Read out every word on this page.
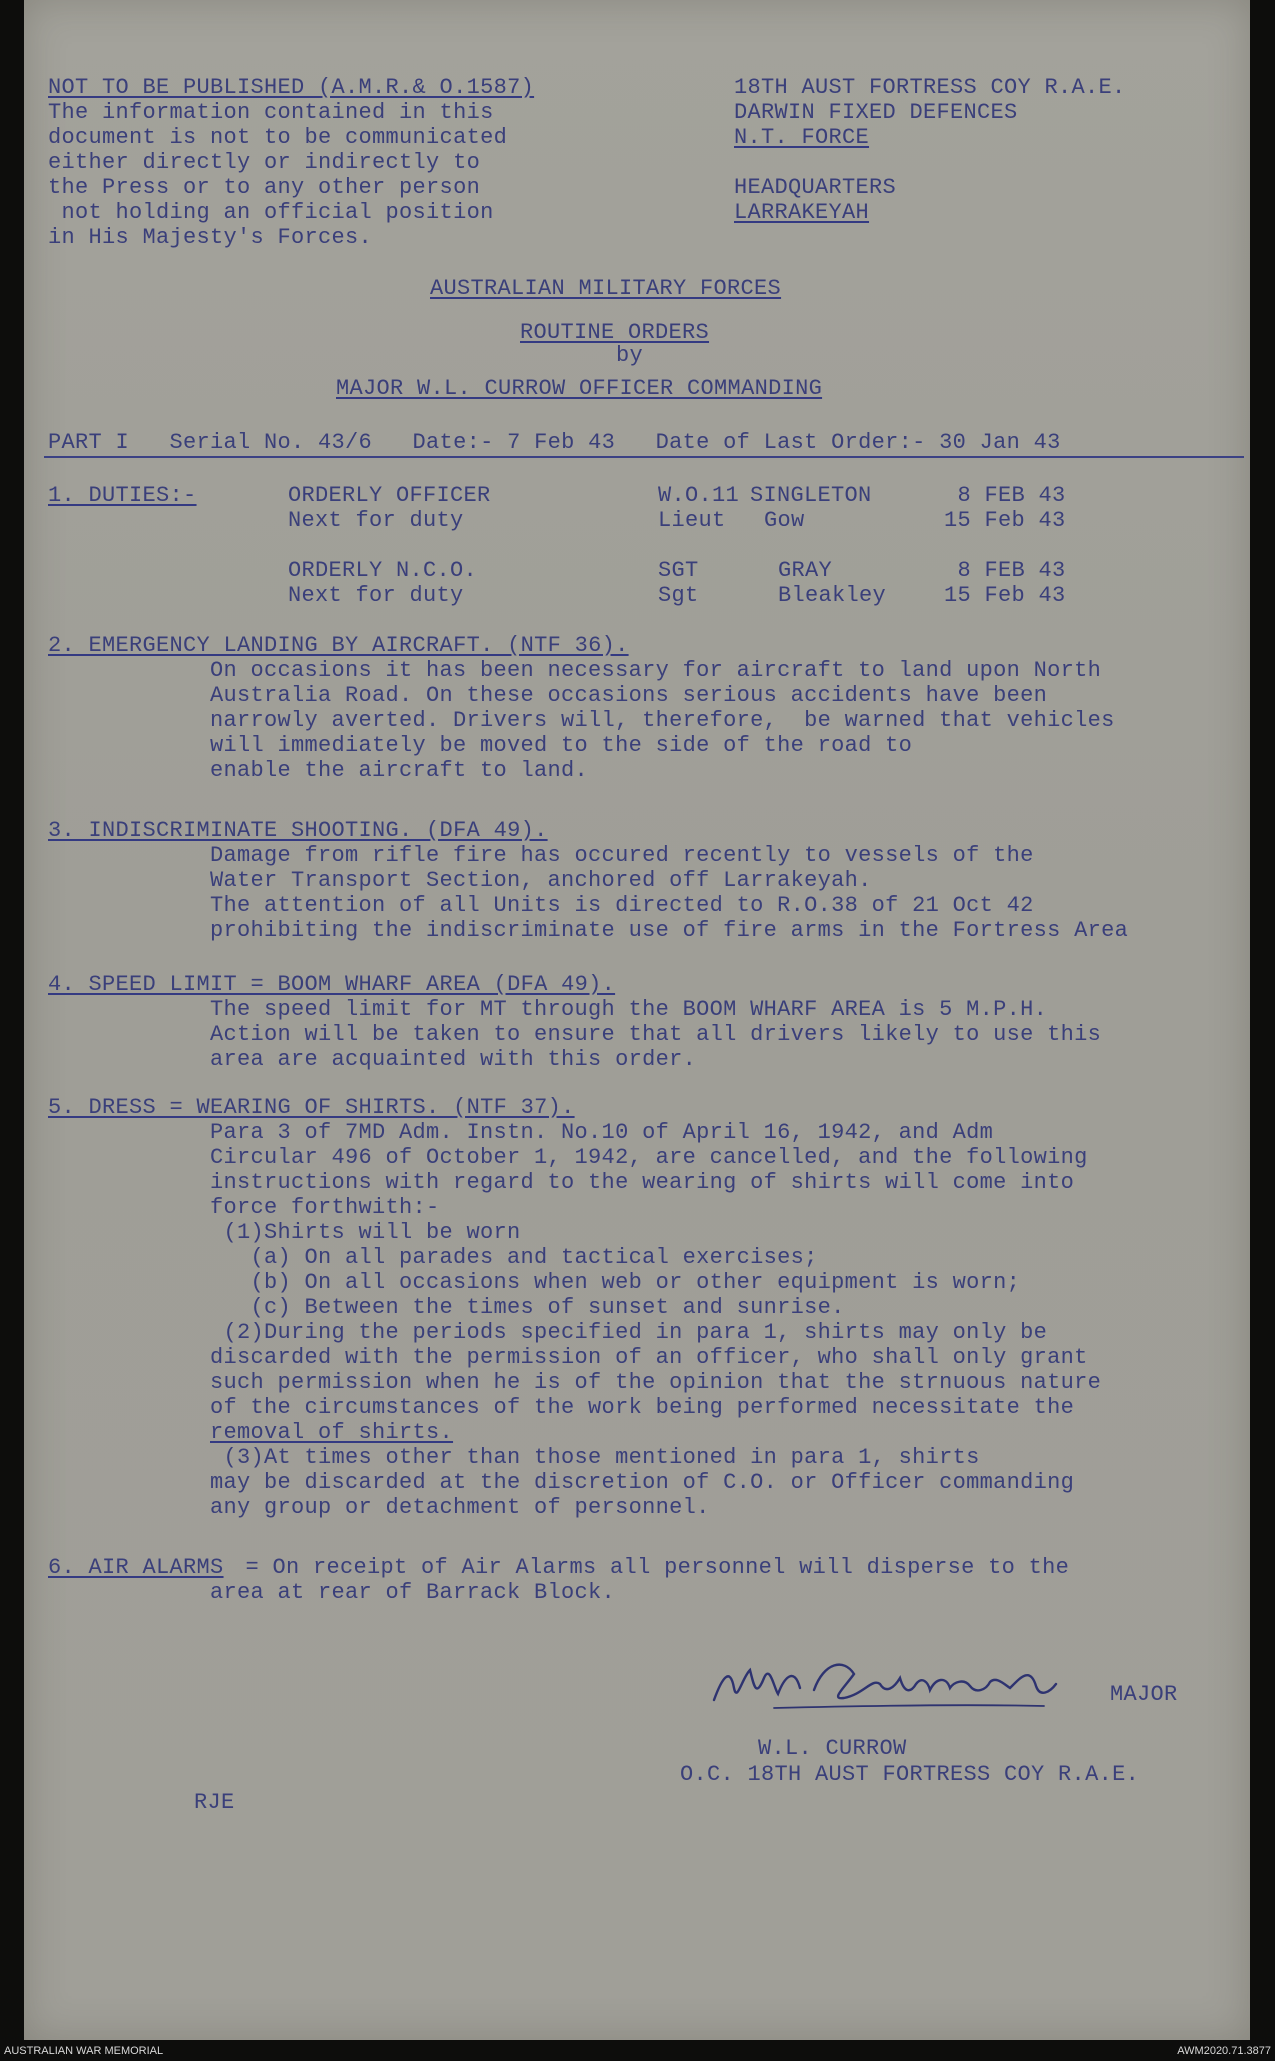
NOT TO BE PUBLISHED (A.M.R.& O.1587)
The information contained in this
document is not to be communicated
either directly or indirectly to
the Press or to any other person
not holding an official position
in His Majesty's Forces.
18TH AUST FORTRESS COY R.A.E.
DARWIN FIXED DEFENCES
N.T. FORCE
HEADQUARTERS
LARRAKEYAH
AUSTRALIAN MILITARY FORCES
ROUTINE ORDERS
by
MAJOR W.L. CURROW OFFICER COMMANDING
PART I   Serial No. 43/6   Date:- 7 Feb 43   Date of Last Order:- 30 Jan 43
1. DUTIES:-	ORDERLY OFFICER	W.O.11 SINGLETON	8 FEB 43
Next for duty	Lieut Gow	15 Feb 43
ORDERLY N.C.O.	SGT	GRAY	8 FEB 43
Next for duty	Sgt	Bleakley	15 Feb 43
2. EMERGENCY LANDING BY AIRCRAFT. (NTF 36).
On occasions it has been necessary for aircraft to land upon North
Australia Road. On these occasions serious accidents have been
narrowly averted. Drivers will, therefore,  be warned that vehicles
will immediately be moved to the side of the road to
enable the aircraft to land.
3. INDISCRIMINATE SHOOTING. (DFA 49).
Damage from rifle fire has occured recently to vessels of the
Water Transport Section, anchored off Larrakeyah.
The attention of all Units is directed to R.O.38 of 21 Oct 42
prohibiting the indiscriminate use of fire arms in the Fortress Area
4. SPEED LIMIT = BOOM WHARF AREA (DFA 49).
The speed limit for MT through the BOOM WHARF AREA is 5 M.P.H.
Action will be taken to ensure that all drivers likely to use this
area are acquainted with this order.
5. DRESS = WEARING OF SHIRTS. (NTF 37).
Para 3 of 7MD Adm. Instn. No.10 of April 16, 1942, and Adm
Circular 496 of October 1, 1942, are cancelled, and the following
instructions with regard to the wearing of shirts will come into
force forthwith:-
(1)Shirts will be worn
(a) On all parades and tactical exercises;
(b) On all occasions when web or other equipment is worn;
(c) Between the times of sunset and sunrise.
(2)During the periods specified in para 1, shirts may only be
discarded with the permission of an officer, who shall only grant
such permission when he is of the opinion that the strnuous nature
of the circumstances of the work being performed necessitate the
removal of shirts.
(3)At times other than those mentioned in para 1, shirts
may be discarded at the discretion of C.O. or Officer commanding
any group or detachment of personnel.
6. AIR ALARMS = On receipt of Air Alarms all personnel will disperse to the
area at rear of Barrack Block.
MAJOR
W.L. CURROW
O.C. 18TH AUST FORTRESS COY R.A.E.
RJE
AUSTRALIAN WAR MEMORIAL	AWM2020.71.3877
